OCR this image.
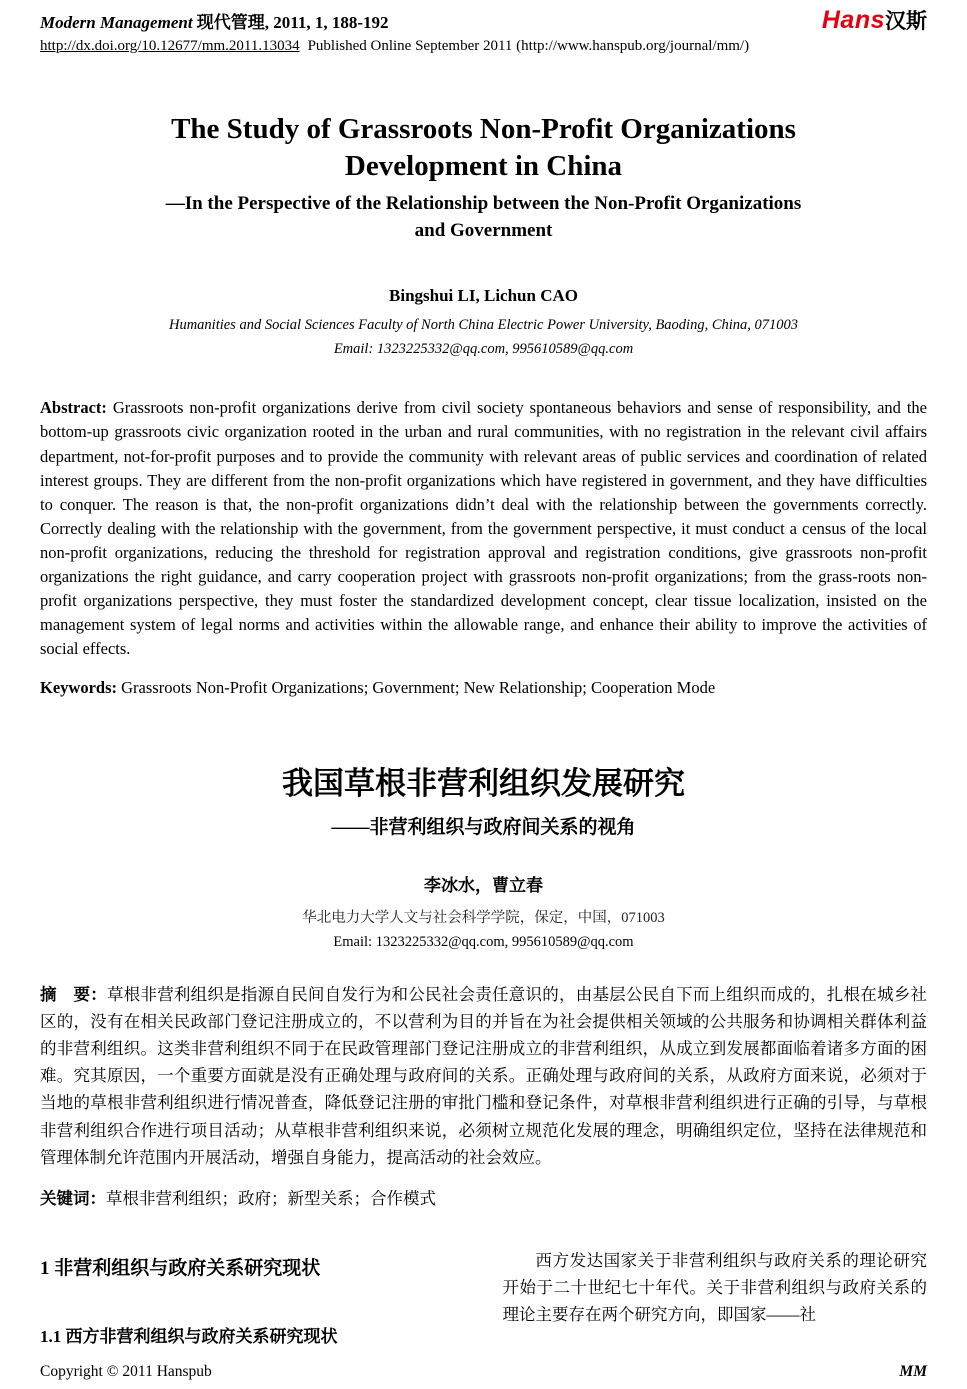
Modern Management 现代管理, 2011, 1, 188-192	Hans汉斯
http://dx.doi.org/10.12677/mm.2011.13034 Published Online September 2011 (http://www.hanspub.org/journal/mm/)
The Study of Grassroots Non-Profit Organizations
Development in China
—In the Perspective of the Relationship between the Non-Profit Organizations
and Government
Bingshui LI, Lichun CAO
Humanities and Social Sciences Faculty of North China Electric Power University, Baoding, China, 071003
Email: 1323225332@qq.com, 995610589@qq.com

Abstract: Grassroots non-profit organizations derive from civil society spontaneous behaviors and sense of responsibility, and the bottom-up grassroots civic organization rooted in the urban and rural communities, with no registration in the relevant civil affairs department, not-for-profit purposes and to provide the community with relevant areas of public services and coordination of related interest groups. They are different from the non-profit organizations which have registered in government, and they have difficulties to conquer. The reason is that, the non-profit organizations didn’t deal with the relationship between the governments correctly. Correctly dealing with the relationship with the government, from the government perspective, it must conduct a census of the local non-profit organizations, reducing the threshold for registration approval and registration conditions, give grassroots non-profit organizations the right guidance, and carry cooperation project with grassroots non-profit organizations; from the grass-roots non-profit organizations perspective, they must foster the standardized development concept, clear tissue localization, insisted on the management system of legal norms and activities within the allowable range, and enhance their ability to improve the activities of social effects.

Keywords: Grassroots Non-Profit Organizations; Government; New Relationship; Cooperation Mode

我国草根非营利组织发展研究
——非营利组织与政府间关系的视角
李冰水，曹立春
华北电力大学人文与社会科学学院，保定，中国，071003
Email: 1323225332@qq.com, 995610589@qq.com

摘　要：草根非营利组织是指源自民间自发行为和公民社会责任意识的，由基层公民自下而上组织而成的，扎根在城乡社区的，没有在相关民政部门登记注册成立的，不以营利为目的并旨在为社会提供相关领域的公共服务和协调相关群体利益的非营利组织。这类非营利组织不同于在民政管理部门登记注册成立的非营利组织，从成立到发展都面临着诸多方面的困难。究其原因，一个重要方面就是没有正确处理与政府间的关系。正确处理与政府间的关系，从政府方面来说，必须对于当地的草根非营利组织进行情况普查，降低登记注册的审批门槛和登记条件，对草根非营利组织进行正确的引导，与草根非营利组织合作进行项目活动；从草根非营利组织来说，必须树立规范化发展的理念，明确组织定位，坚持在法律规范和管理体制允许范围内开展活动，增强自身能力，提高活动的社会效应。

关键词：草根非营利组织；政府；新型关系；合作模式

1 非营利组织与政府关系研究现状
1.1 西方非营利组织与政府关系研究现状

西方发达国家关于非营利组织与政府关系的理论研究开始于二十世纪七十年代。关于非营利组织与政府关系的理论主要存在两个研究方向，即国家——社

Copyright © 2011 Hanspub	MM
